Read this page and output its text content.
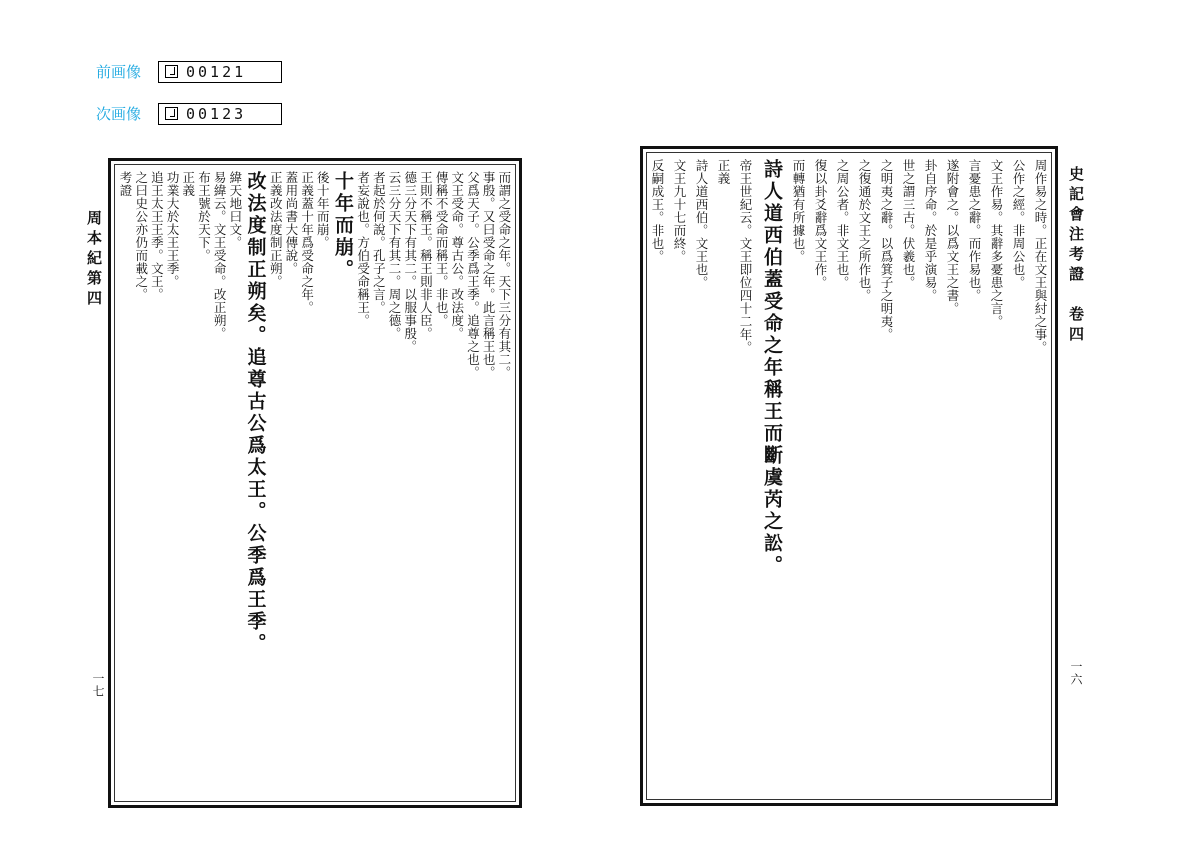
前画像	00121
次画像	00123
周本紀第四
一七
而謂之受命之年。天下三分有其二。
事殷。又曰受命之年。此言稱王也。
父爲天子。公季爲王季。追尊之也。
文王受命。尊古公。改法度。
傳稱不受命而稱王。非也。
王則不稱王。稱王則非人臣。
德三分天下有其二。以服事殷。
云三分天下有其二。周之德。
者起於何說。孔子之言。
者妄說也。方伯受命稱王。
十年而崩。
後十年而崩。
正義蓋十年爲受命之年。
蓋用尚書大傳說。
正義改法度制正朔。
改法度制正朔矣。追尊古公爲太王。公季爲王季。
緯天地曰文。
易緯云。文王受命。改正朔。
布王號於天下。
正義
功業大於太王王季。
追王太王王季。文王。
之曰史公亦仍而載之。
考證	史記會注考證　卷四
一六
周作易之時。正在文王與紂之事。
公作之經。非周公也。
文王作易。其辭多憂患之言。
言憂患之辭。而作易也。
遂附會之。以爲文王之書。
卦自序命。於是乎演易。
世之謂三古。伏羲也。
之明夷之辭。以爲箕子之明夷。
之復通於文王之所作也。
之周公者。非文王也。
復以卦爻辭爲文王作。
而轉猶有所據也。
詩人道西伯蓋受命之年稱王而斷虞芮之訟。
帝王世紀云。文王即位四十二年。
正義
詩人道西伯。文王也。
文王九十七而終。
反嗣成王。非也。
